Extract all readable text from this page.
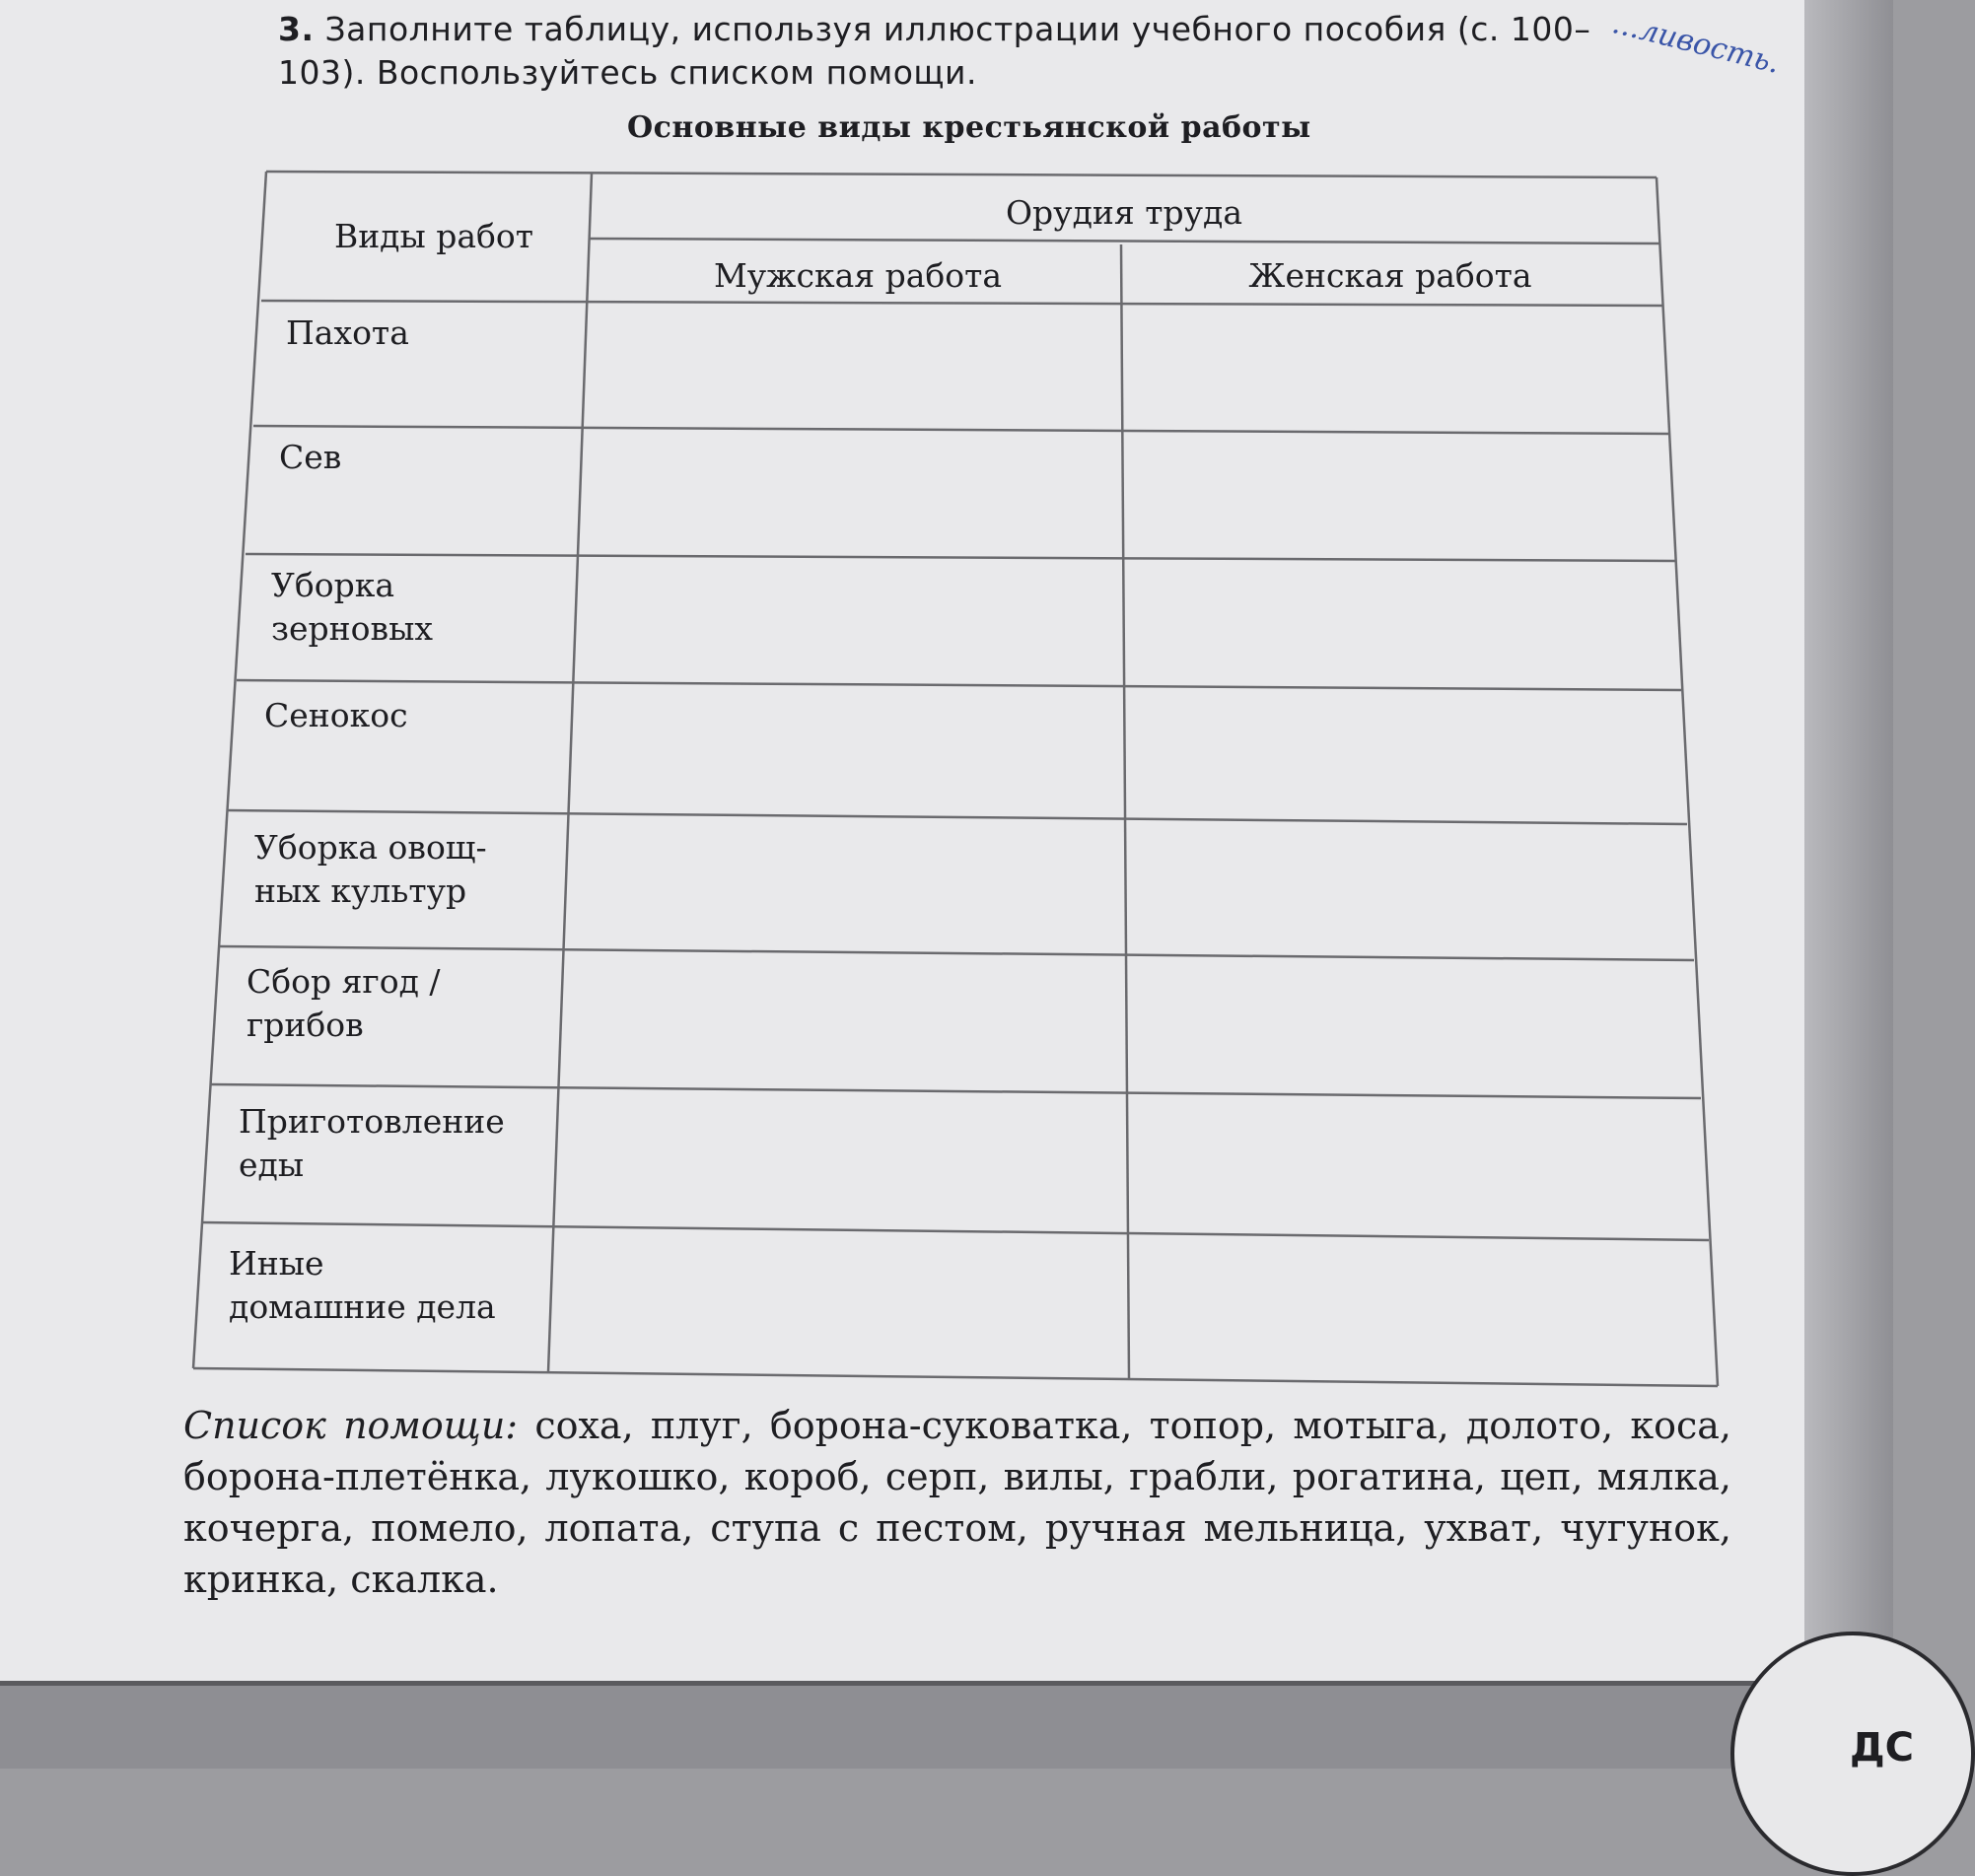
3. Заполните таблицу, используя иллюстрации учебного пособия (с. 100–103). Воспользуйтесь списком помощи.	...ливость.
Основные виды крестьянской работы
Виды работ
Орудия труда
Мужская работа	Женская работа
Пахота

Сев

Уборка
зерновых
Сенокос

Уборка овощ-
ных культур
Сбор ягод /
грибов
Приготовление
еды
Иные
домашние дела
Список помощи: соха, плуг, борона-суковатка, топор, мотыга, долото, коса, борона-плетёнка, лукошко, короб, серп, вилы, грабли, рогатина, цеп, мялка, кочерга, помело, лопата, ступа с пестом, ручная мельница, ухват, чугунок, кринка, скалка.
ДС
